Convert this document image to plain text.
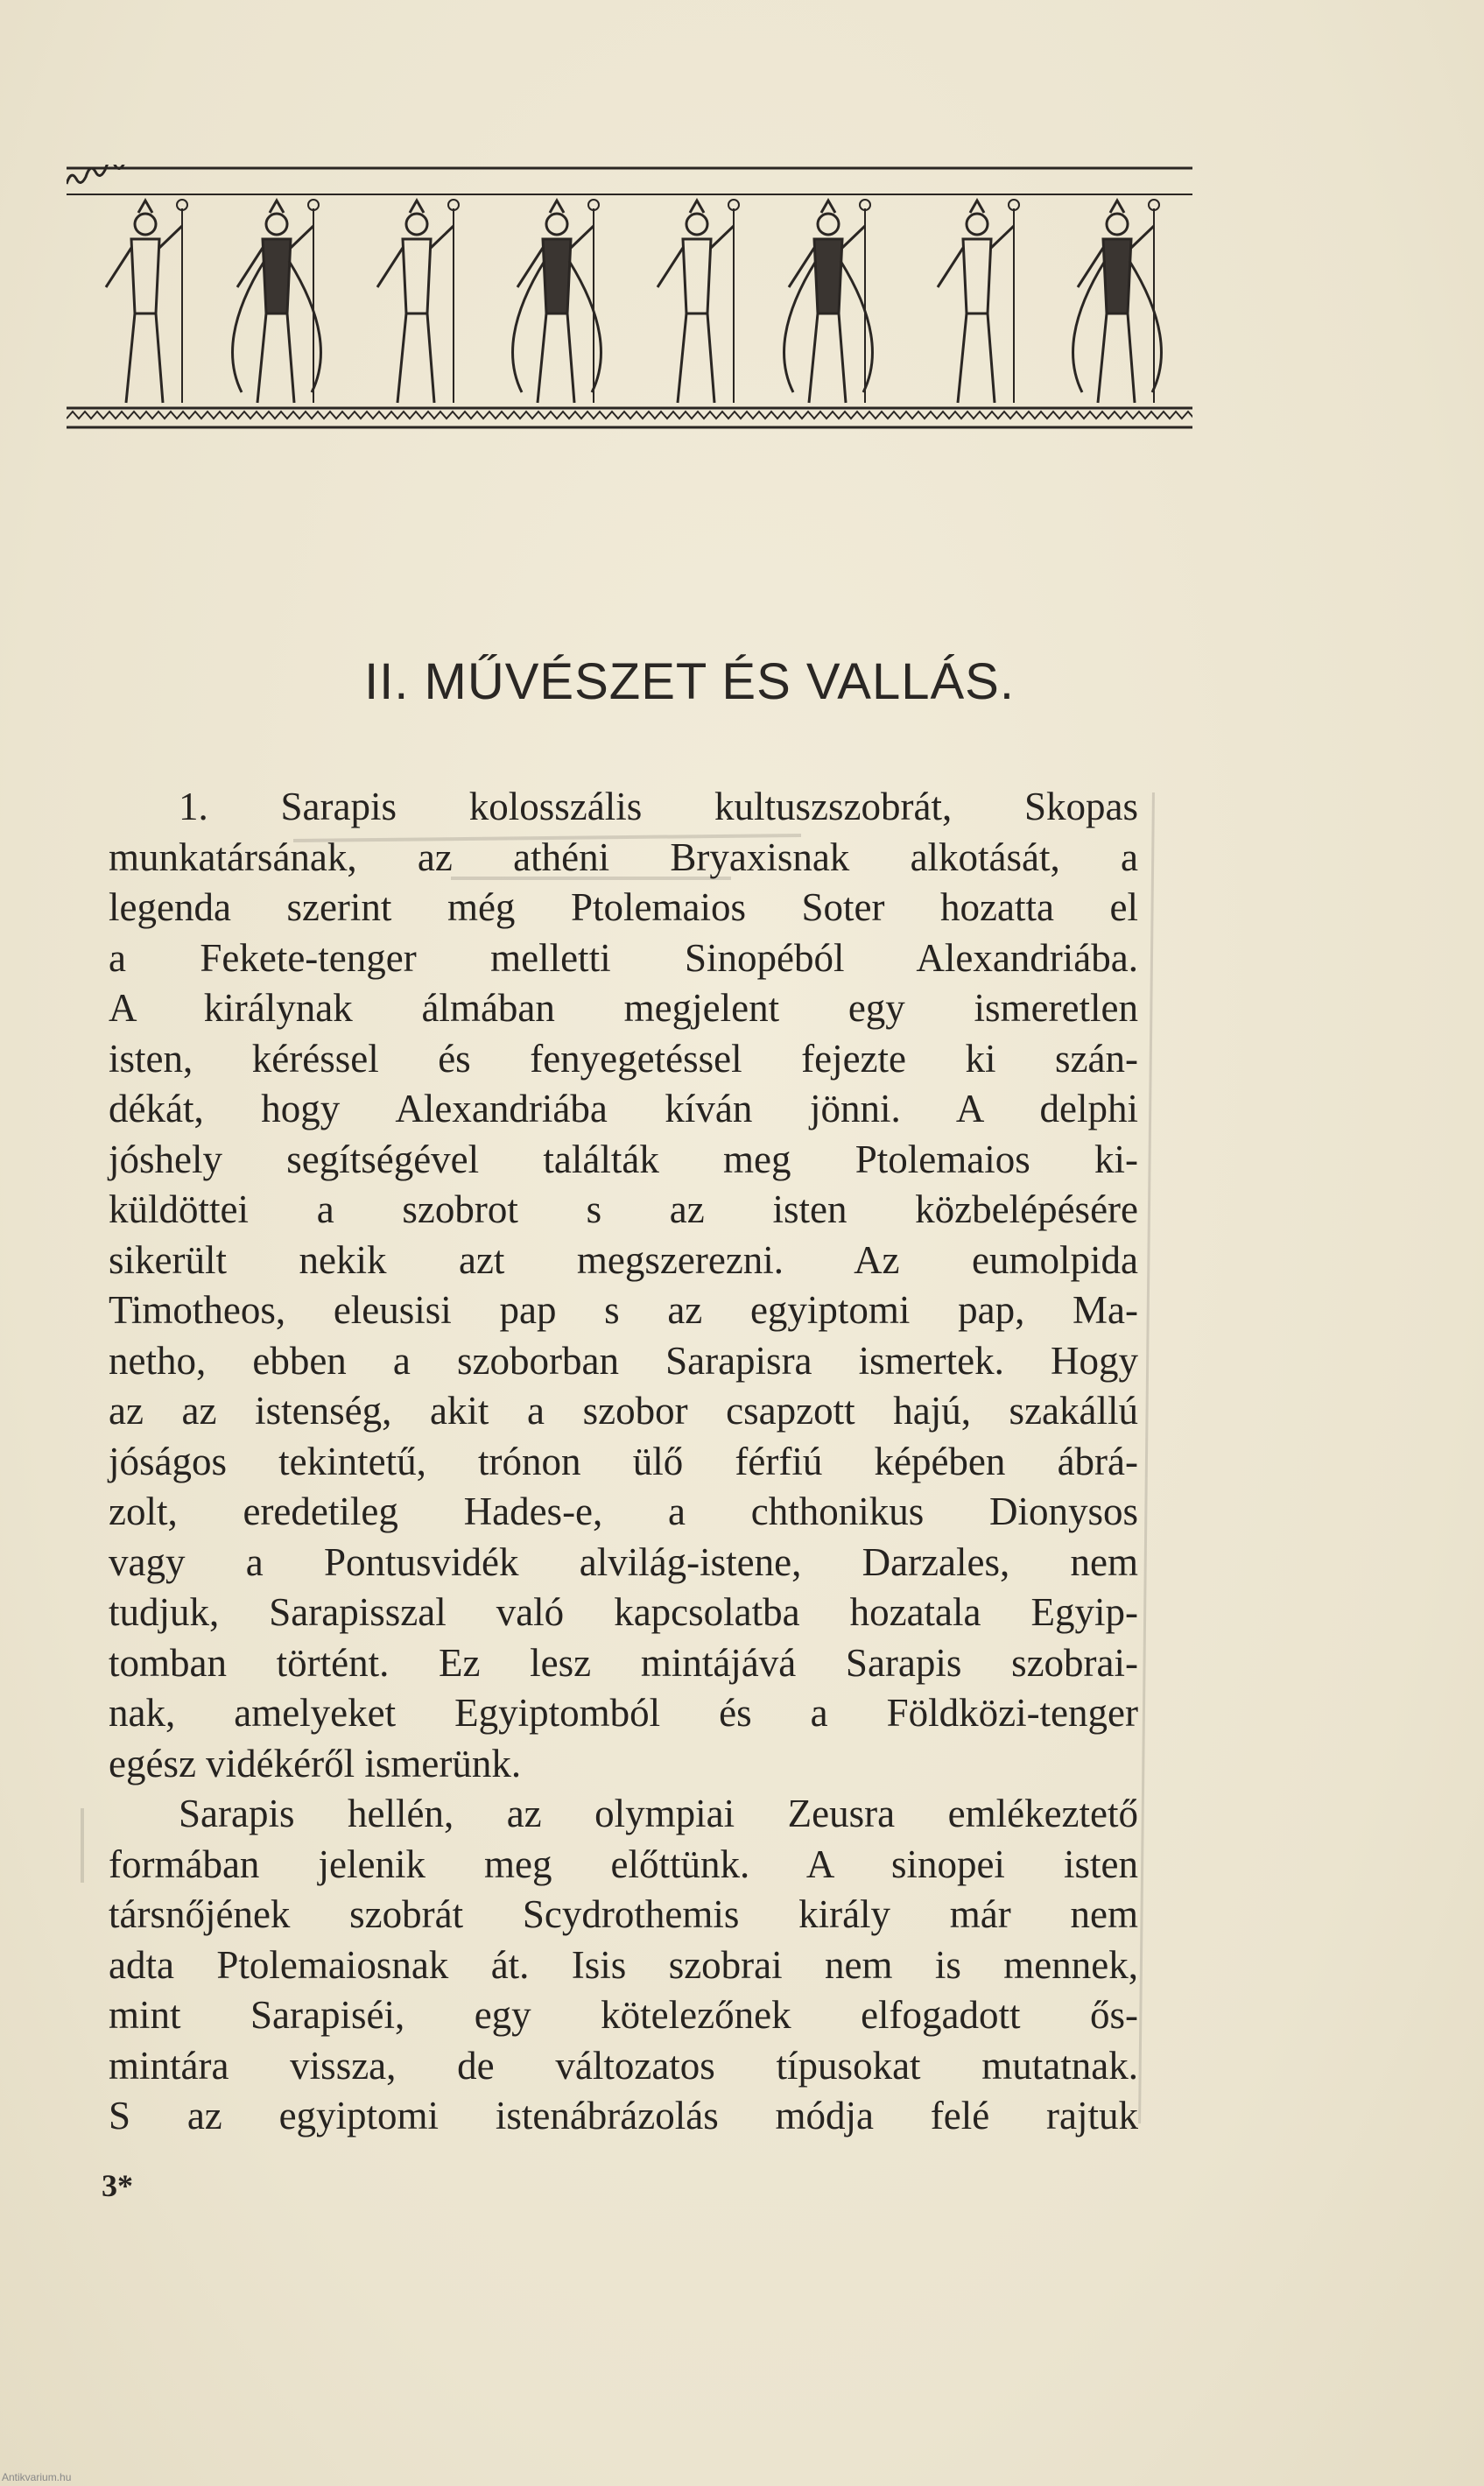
II. MŰVÉSZET ÉS VALLÁS.
1. Sarapis kolosszális kultuszszobrát, Skopas
munkatársának, az athéni Bryaxisnak alkotását, a
legenda szerint még Ptolemaios Soter hozatta el
a Fekete-tenger melletti Sinopéból Alexandriába.
A királynak álmában megjelent egy ismeretlen
isten, kéréssel és fenyegetéssel fejezte ki szán-
dékát, hogy Alexandriába kíván jönni. A delphi
jóshely segítségével találták meg Ptolemaios ki-
küldöttei a szobrot s az isten közbelépésére
sikerült nekik azt megszerezni. Az eumolpida
Timotheos, eleusisi pap s az egyiptomi pap, Ma-
netho, ebben a szoborban Sarapisra ismertek. Hogy
az az istenség, akit a szobor csapzott hajú, szakállú
jóságos tekintetű, trónon ülő férfiú képében ábrá-
zolt, eredetileg Hades-e, a chthonikus Dionysos
vagy a Pontusvidék alvilág-istene, Darzales, nem
tudjuk, Sarapisszal való kapcsolatba hozatala Egyip-
tomban történt. Ez lesz mintájává Sarapis szobrai-
nak, amelyeket Egyiptomból és a Földközi-tenger
egész vidékéről ismerünk.
Sarapis hellén, az olympiai Zeusra emlékeztető
formában jelenik meg előttünk. A sinopei isten
társnőjének szobrát Scydrothemis király már nem
adta Ptolemaiosnak át. Isis szobrai nem is mennek,
mint Sarapiséi, egy kötelezőnek elfogadott ős-
mintára vissza, de változatos típusokat mutatnak.
S az egyiptomi istenábrázolás módja felé rajtuk
3*
Antikvarium.hu
